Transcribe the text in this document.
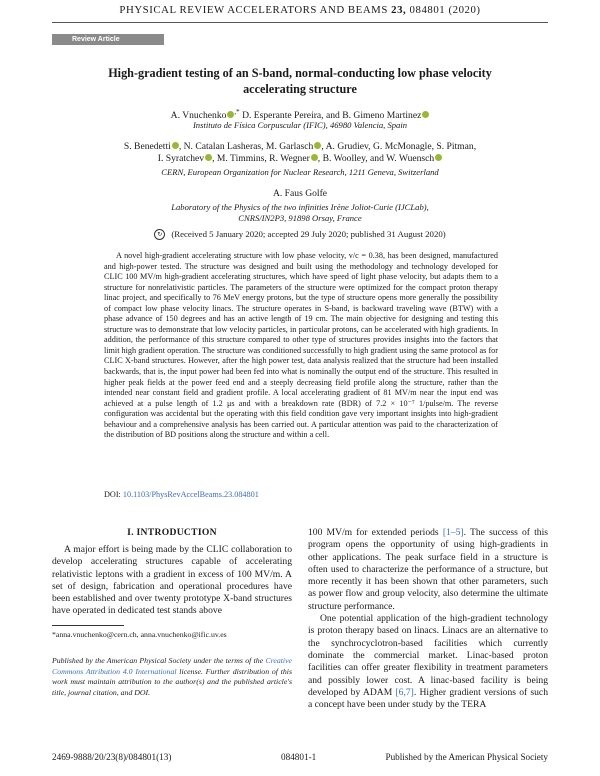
PHYSICAL REVIEW ACCELERATORS AND BEAMS 23, 084801 (2020)
Review Article
High-gradient testing of an S-band, normal-conducting low phase velocity
accelerating structure
A. Vnuchenko ,* D. Esperante Pereira, and B. Gimeno Martinez
Instituto de Física Corpuscular (IFIC), 46980 Valencia, Spain
S. Benedetti , N. Catalan Lasheras, M. Garlasch , A. Grudiev, G. McMonagle, S. Pitman,
I. Syratchev , M. Timmins, R. Wegner , B. Woolley, and W. Wuensch
CERN, European Organization for Nuclear Research, 1211 Geneva, Switzerland
A. Faus Golfe
Laboratory of the Physics of the two infinities Irène Joliot-Curie (IJCLab),
CNRS/IN2P3, 91898 Orsay, France
↻ (Received 5 January 2020; accepted 29 July 2020; published 31 August 2020)
A novel high-gradient accelerating structure with low phase velocity, v/c = 0.38, has been designed, manufactured and high-power tested. The structure was designed and built using the methodology and technology developed for CLIC 100 MV/m high-gradient accelerating structures, which have speed of light phase velocity, but adapts them to a structure for nonrelativistic particles. The parameters of the structure were optimized for the compact proton therapy linac project, and specifically to 76 MeV energy protons, but the type of structure opens more generally the possibility of compact low phase velocity linacs. The structure operates in S-band, is backward traveling wave (BTW) with a phase advance of 150 degrees and has an active length of 19 cm. The main objective for designing and testing this structure was to demonstrate that low velocity particles, in particular protons, can be accelerated with high gradients. In addition, the performance of this structure compared to other type of structures provides insights into the factors that limit high gradient operation. The structure was conditioned successfully to high gradient using the same protocol as for CLIC X-band structures. However, after the high power test, data analysis realized that the structure had been installed backwards, that is, the input power had been fed into what is nominally the output end of the structure. This resulted in higher peak fields at the power feed end and a steeply decreasing field profile along the structure, rather than the intended near constant field and gradient profile. A local accelerating gradient of 81 MV/m near the input end was achieved at a pulse length of 1.2 μs and with a breakdown rate (BDR) of 7.2 × 10⁻⁷ 1/pulse/m. The reverse configuration was accidental but the operating with this field condition gave very important insights into high-gradient behaviour and a comprehensive analysis has been carried out. A particular attention was paid to the characterization of the distribution of BD positions along the structure and within a cell.
DOI: 10.1103/PhysRevAccelBeams.23.084801
I. INTRODUCTION

A major effort is being made by the CLIC collaboration to develop accelerating structures capable of accelerating relativistic leptons with a gradient in excess of 100 MV/m. A set of design, fabrication and operational procedures have been established and over twenty prototype X-band structures have operated in dedicated test stands above

*anna.vnuchenko@cern.ch, anna.vnuchenko@ific.uv.es
Published by the American Physical Society under the terms of the Creative Commons Attribution 4.0 International license. Further distribution of this work must maintain attribution to the author(s) and the published article's title, journal citation, and DOI.

100 MV/m for extended periods [1–5]. The success of this program opens the opportunity of using high-gradients in other applications. The peak surface field in a structure is often used to characterize the performance of a structure, but more recently it has been shown that other parameters, such as power flow and group velocity, also determine the ultimate structure performance.

One potential application of the high-gradient technology is proton therapy based on linacs. Linacs are an alternative to the synchrocyclotron-based facilities which currently dominate the commercial market. Linac-based proton facilities can offer greater flexibility in treatment parameters and possibly lower cost. A linac-based facility is being developed by ADAM [6,7]. Higher gradient versions of such a concept have been under study by the TERA

2469-9888/20/23(8)/084801(13)	084801-1	Published by the American Physical Society
